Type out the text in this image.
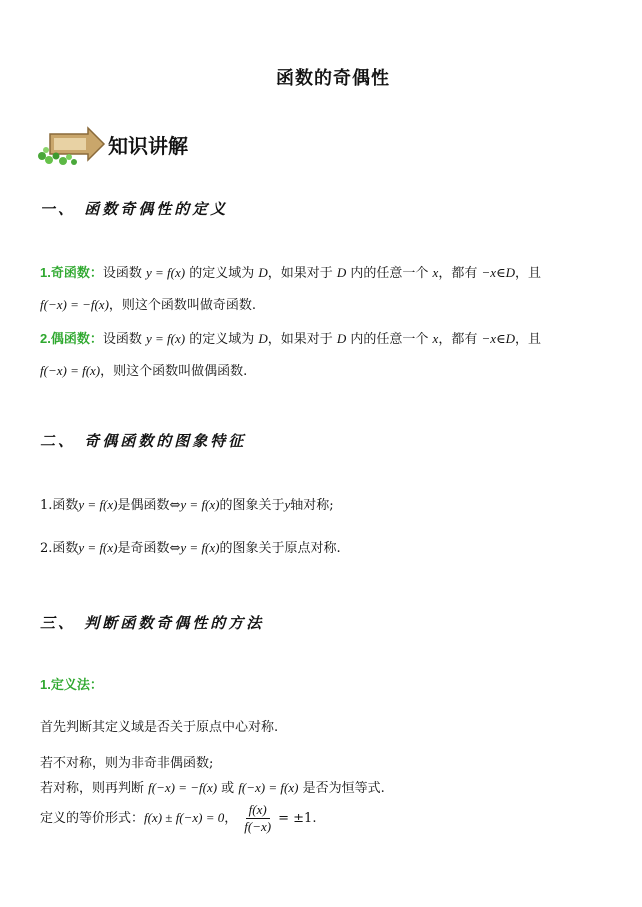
函数的奇偶性
知识讲解
一、 函数奇偶性的定义
1.奇函数：设函数 y = f(x) 的定义域为 D，如果对于 D 内的任意一个 x，都有 −x∈D，且
f(−x) = −f(x)，则这个函数叫做奇函数.
2.偶函数：设函数 y = f(x) 的定义域为 D，如果对于 D 内的任意一个 x，都有 −x∈D，且
f(−x) = f(x)，则这个函数叫做偶函数.
二、 奇偶函数的图象特征
1.函数y = f(x)是偶函数⇔y = f(x)的图象关于y轴对称;
2.函数y = f(x)是奇函数⇔y = f(x)的图象关于原点对称.
三、 判断函数奇偶性的方法
1.定义法：
首先判断其定义域是否关于原点中心对称.
若不对称，则为非奇非偶函数;
若对称，则再判断 f(−x) = −f(x) 或 f(−x) = f(x) 是否为恒等式.
定义的等价形式：f(x) ± f(−x) = 0， $\frac{f(x)}{f(-x)} = \pm 1$.
